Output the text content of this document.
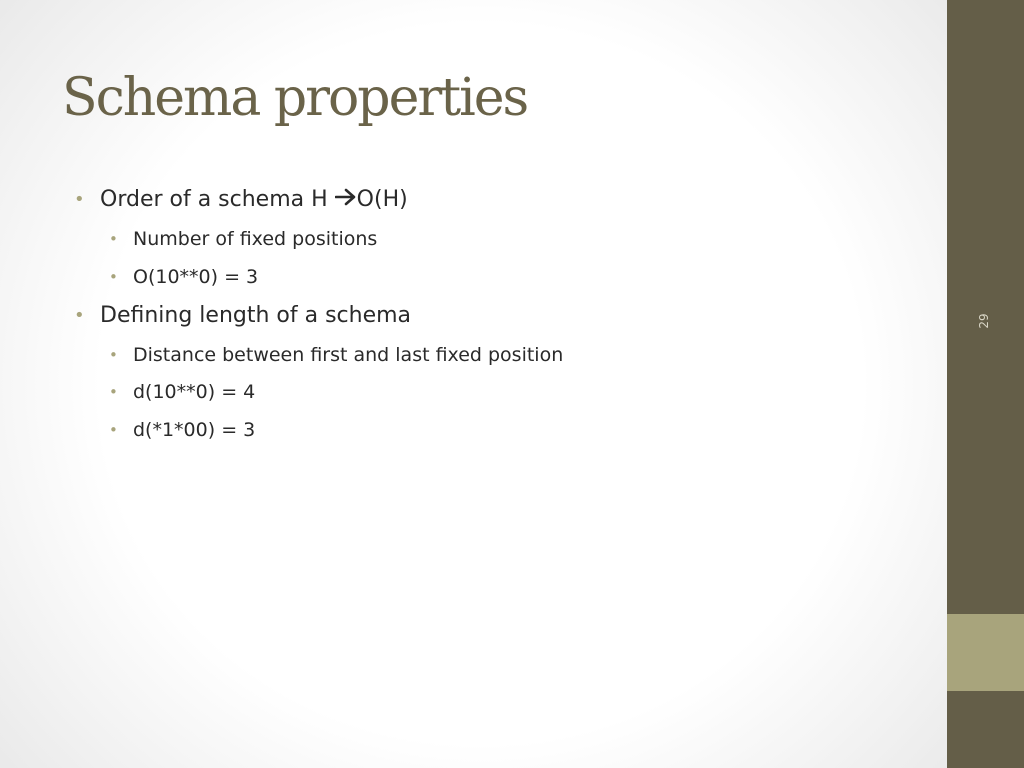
29
Schema properties
• Order of a schema H O(H)
• Number of fixed positions
• O(10**0) = 3
• Defining length of a schema
• Distance between first and last fixed position
• d(10**0) = 4
• d(*1*00) = 3
